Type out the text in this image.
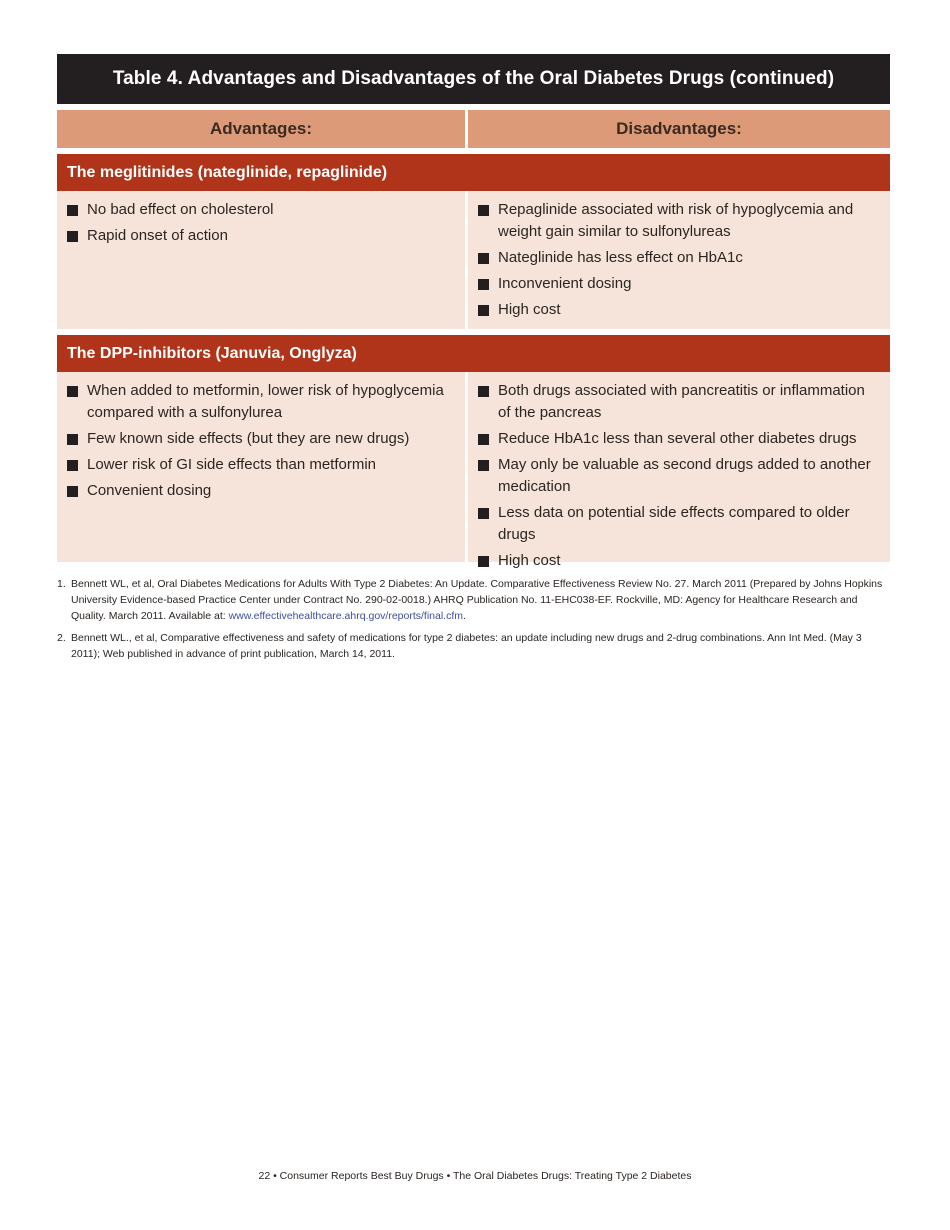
Table 4. Advantages and Disadvantages of the Oral Diabetes Drugs (continued)
Advantages:	Disadvantages:
The meglitinides (nateglinide, repaglinide)
No bad effect on cholesterol
Rapid onset of action
Repaglinide associated with risk of hypoglycemia and weight gain similar to sulfonylureas
Nateglinide has less effect on HbA1c
Inconvenient dosing
High cost
The DPP-inhibitors (Januvia, Onglyza)
When added to metformin, lower risk of hypoglycemia compared with a sulfonylurea
Few known side effects (but they are new drugs)
Lower risk of GI side effects than metformin
Convenient dosing
Both drugs associated with pancreatitis or inflammation of the pancreas
Reduce HbA1c less than several other diabetes drugs
May only be valuable as second drugs added to another medication
Less data on potential side effects compared to older drugs
High cost
1. Bennett WL, et al, Oral Diabetes Medications for Adults With Type 2 Diabetes: An Update. Comparative Effectiveness Review No. 27. March 2011 (Prepared by Johns Hopkins University Evidence-based Practice Center under Contract No. 290-02-0018.) AHRQ Publication No. 11-EHC038-EF. Rockville, MD: Agency for Healthcare Research and Quality. March 2011. Available at: www.effectivehealthcare.ahrq.gov/reports/final.cfm.
2. Bennett WL., et al, Comparative effectiveness and safety of medications for type 2 diabetes: an update including new drugs and 2-drug combinations. Ann Int Med. (May 3 2011); Web published in advance of print publication, March 14, 2011.
22 • Consumer Reports Best Buy Drugs • The Oral Diabetes Drugs: Treating Type 2 Diabetes
